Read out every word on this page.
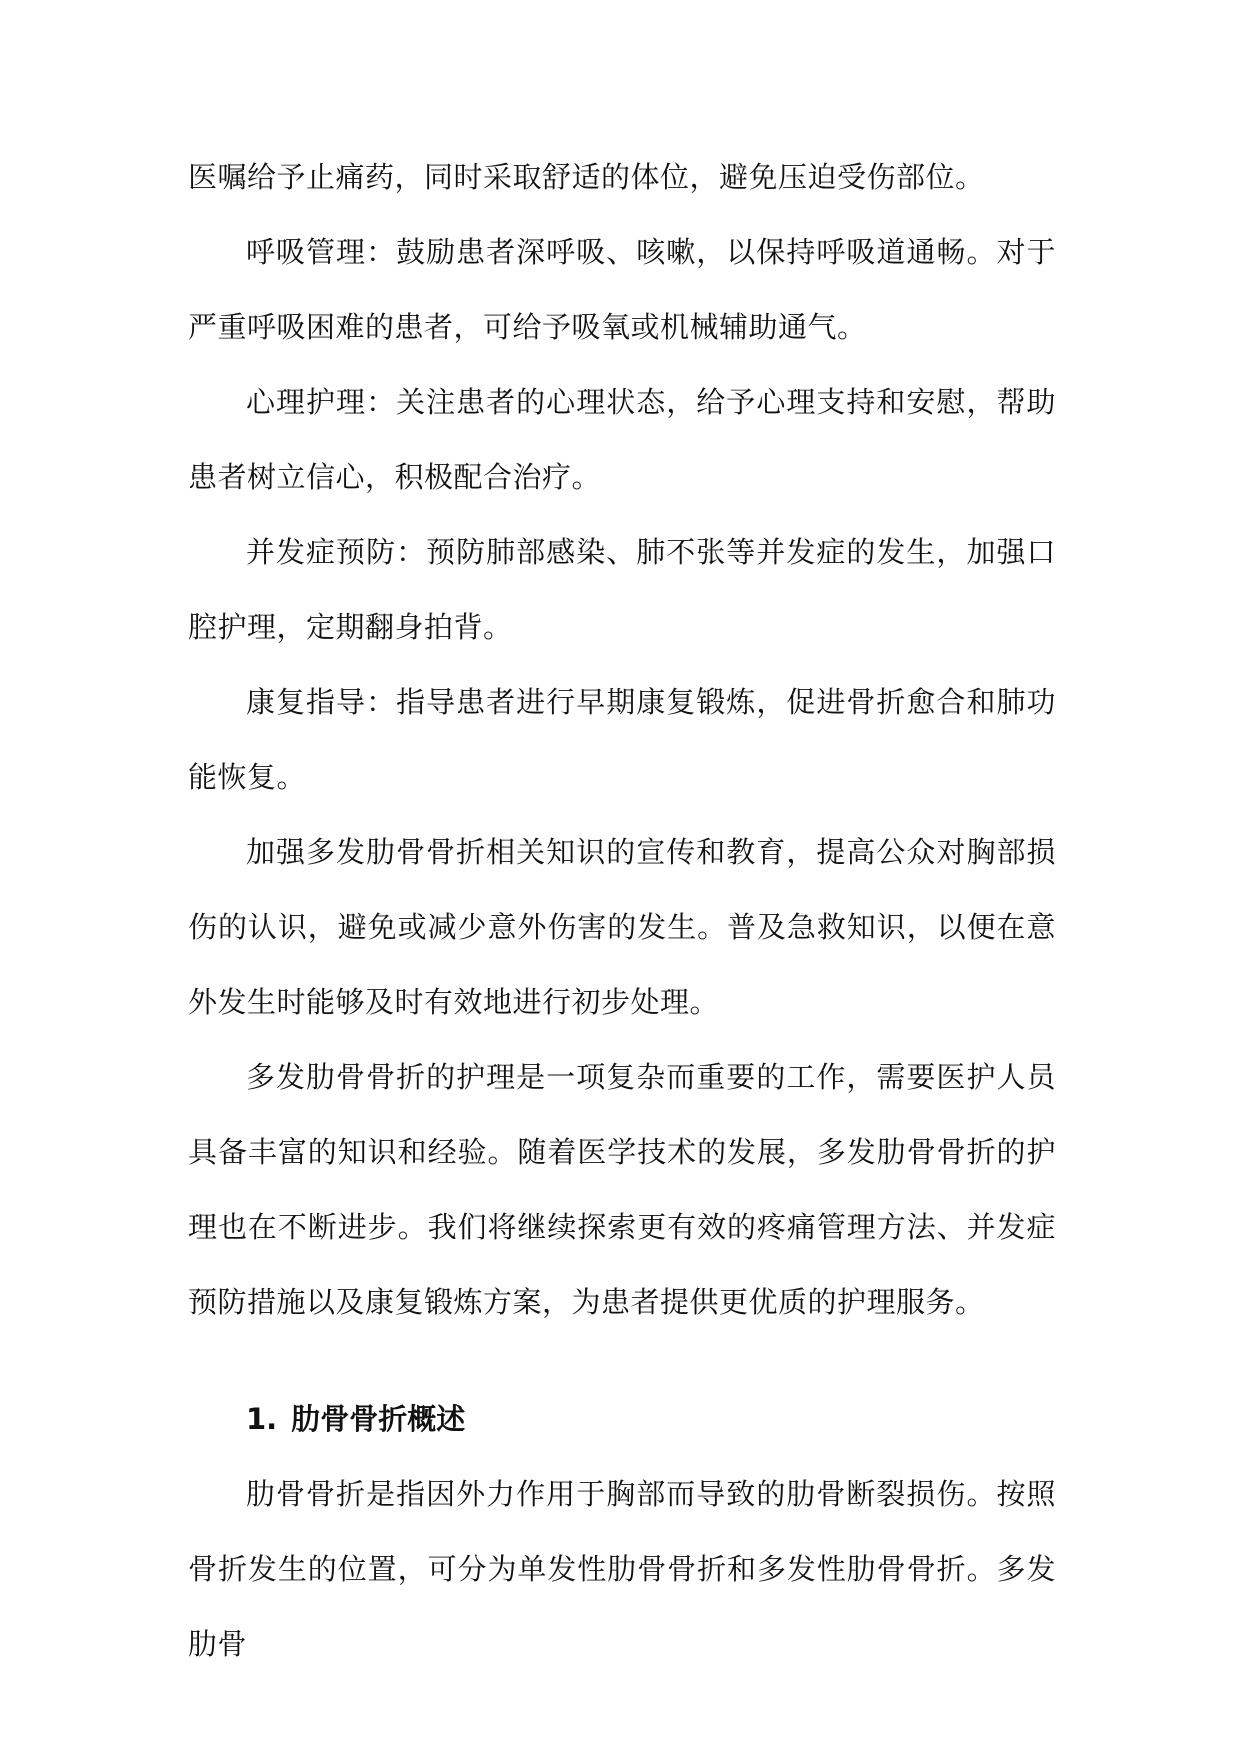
医嘱给予止痛药，同时采取舒适的体位，避免压迫受伤部位。

呼吸管理：鼓励患者深呼吸、咳嗽，以保持呼吸道通畅。对于严重呼吸困难的患者，可给予吸氧或机械辅助通气。

心理护理：关注患者的心理状态，给予心理支持和安慰，帮助患者树立信心，积极配合治疗。

并发症预防：预防肺部感染、肺不张等并发症的发生，加强口腔护理，定期翻身拍背。

康复指导：指导患者进行早期康复锻炼，促进骨折愈合和肺功能恢复。

加强多发肋骨骨折相关知识的宣传和教育，提高公众对胸部损伤的认识，避免或减少意外伤害的发生。普及急救知识，以便在意外发生时能够及时有效地进行初步处理。

多发肋骨骨折的护理是一项复杂而重要的工作，需要医护人员具备丰富的知识和经验。随着医学技术的发展，多发肋骨骨折的护理也在不断进步。我们将继续探索更有效的疼痛管理方法、并发症预防措施以及康复锻炼方案，为患者提供更优质的护理服务。

1. 肋骨骨折概述

肋骨骨折是指因外力作用于胸部而导致的肋骨断裂损伤。按照骨折发生的位置，可分为单发性肋骨骨折和多发性肋骨骨折。多发肋骨
